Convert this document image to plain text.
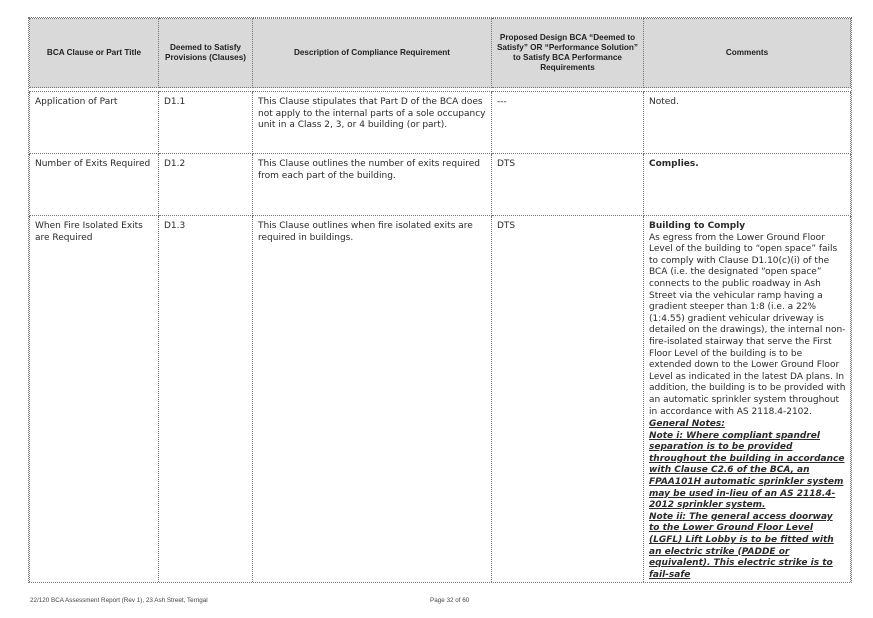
BCA Clause or Part Title	Deemed to Satisfy Provisions (Clauses)	Description of Compliance Requirement	Proposed Design BCA “Deemed to Satisfy” OR “Performance Solution” to Satisfy BCA Performance Requirements	Comments

Application of Part	D1.1	This Clause stipulates that Part D of the BCA does not apply to the internal parts of a sole occupancy unit in a Class 2, 3, or 4 building (or part).	---	Noted.
Number of Exits Required	D1.2	This Clause outlines the number of exits required from each part of the building.	DTS	Complies.
When Fire Isolated Exits are Required	D1.3	This Clause outlines when fire isolated exits are required in buildings.	DTS	Building to Comply

As egress from the Lower Ground Floor Level of the building to “open space” fails to comply with Clause D1.10(c)(i) of the BCA (i.e. the designated “open space” connects to the public roadway in Ash Street via the vehicular ramp having a gradient steeper than 1:8 (i.e. a 22% (1:4.55) gradient vehicular driveway is detailed on the drawings), the internal non-fire-isolated stairway that serve the First Floor Level of the building is to be extended down to the Lower Ground Floor Level as indicated in the latest DA plans. In addition, the building is to be provided with an automatic sprinkler system throughout in accordance with AS 2118.4-2102.

General Notes:
Note i: Where compliant spandrel separation is to be provided throughout the building in accordance with Clause C2.6 of the BCA, an FPAA101H automatic sprinkler system may be used in-lieu of an AS 2118.4-2012 sprinkler system.
Note ii: The general access doorway to the Lower Ground Floor Level (LGFL) Lift Lobby is to be fitted with an electric strike (PADDE or equivalent). This electric strike is to fail-safe
22/120 BCA Assessment Report (Rev 1), 23 Ash Street, Terrigal	Page 32 of 60
